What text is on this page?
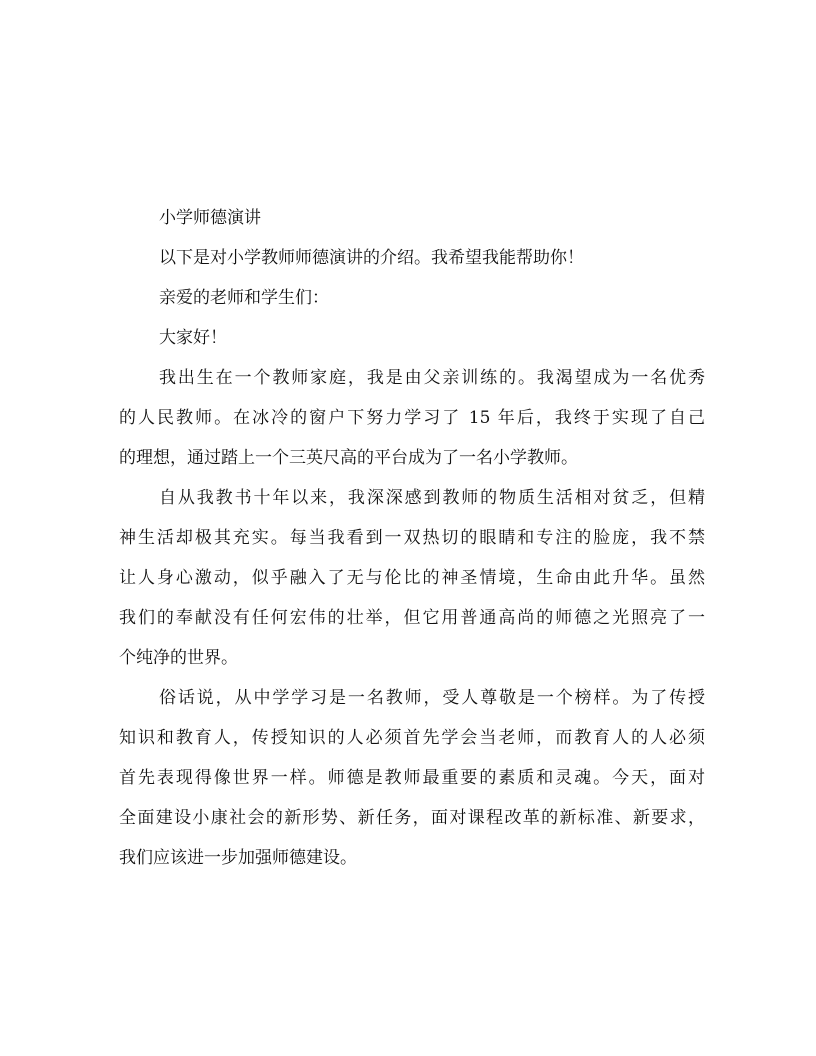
小学师德演讲

以下是对小学教师师德演讲的介绍。我希望我能帮助你！

亲爱的老师和学生们：

大家好！

我出生在一个教师家庭，我是由父亲训练的。我渴望成为一名优秀

的人民教师。在冰冷的窗户下努力学习了 15 年后，我终于实现了自己

的理想，通过踏上一个三英尺高的平台成为了一名小学教师。

自从我教书十年以来，我深深感到教师的物质生活相对贫乏，但精

神生活却极其充实。每当我看到一双热切的眼睛和专注的脸庞，我不禁

让人身心激动，似乎融入了无与伦比的神圣情境，生命由此升华。虽然

我们的奉献没有任何宏伟的壮举，但它用普通高尚的师德之光照亮了一

个纯净的世界。

俗话说，从中学学习是一名教师，受人尊敬是一个榜样。为了传授

知识和教育人，传授知识的人必须首先学会当老师，而教育人的人必须

首先表现得像世界一样。师德是教师最重要的素质和灵魂。今天，面对

全面建设小康社会的新形势、新任务，面对课程改革的新标准、新要求，

我们应该进一步加强师德建设。
